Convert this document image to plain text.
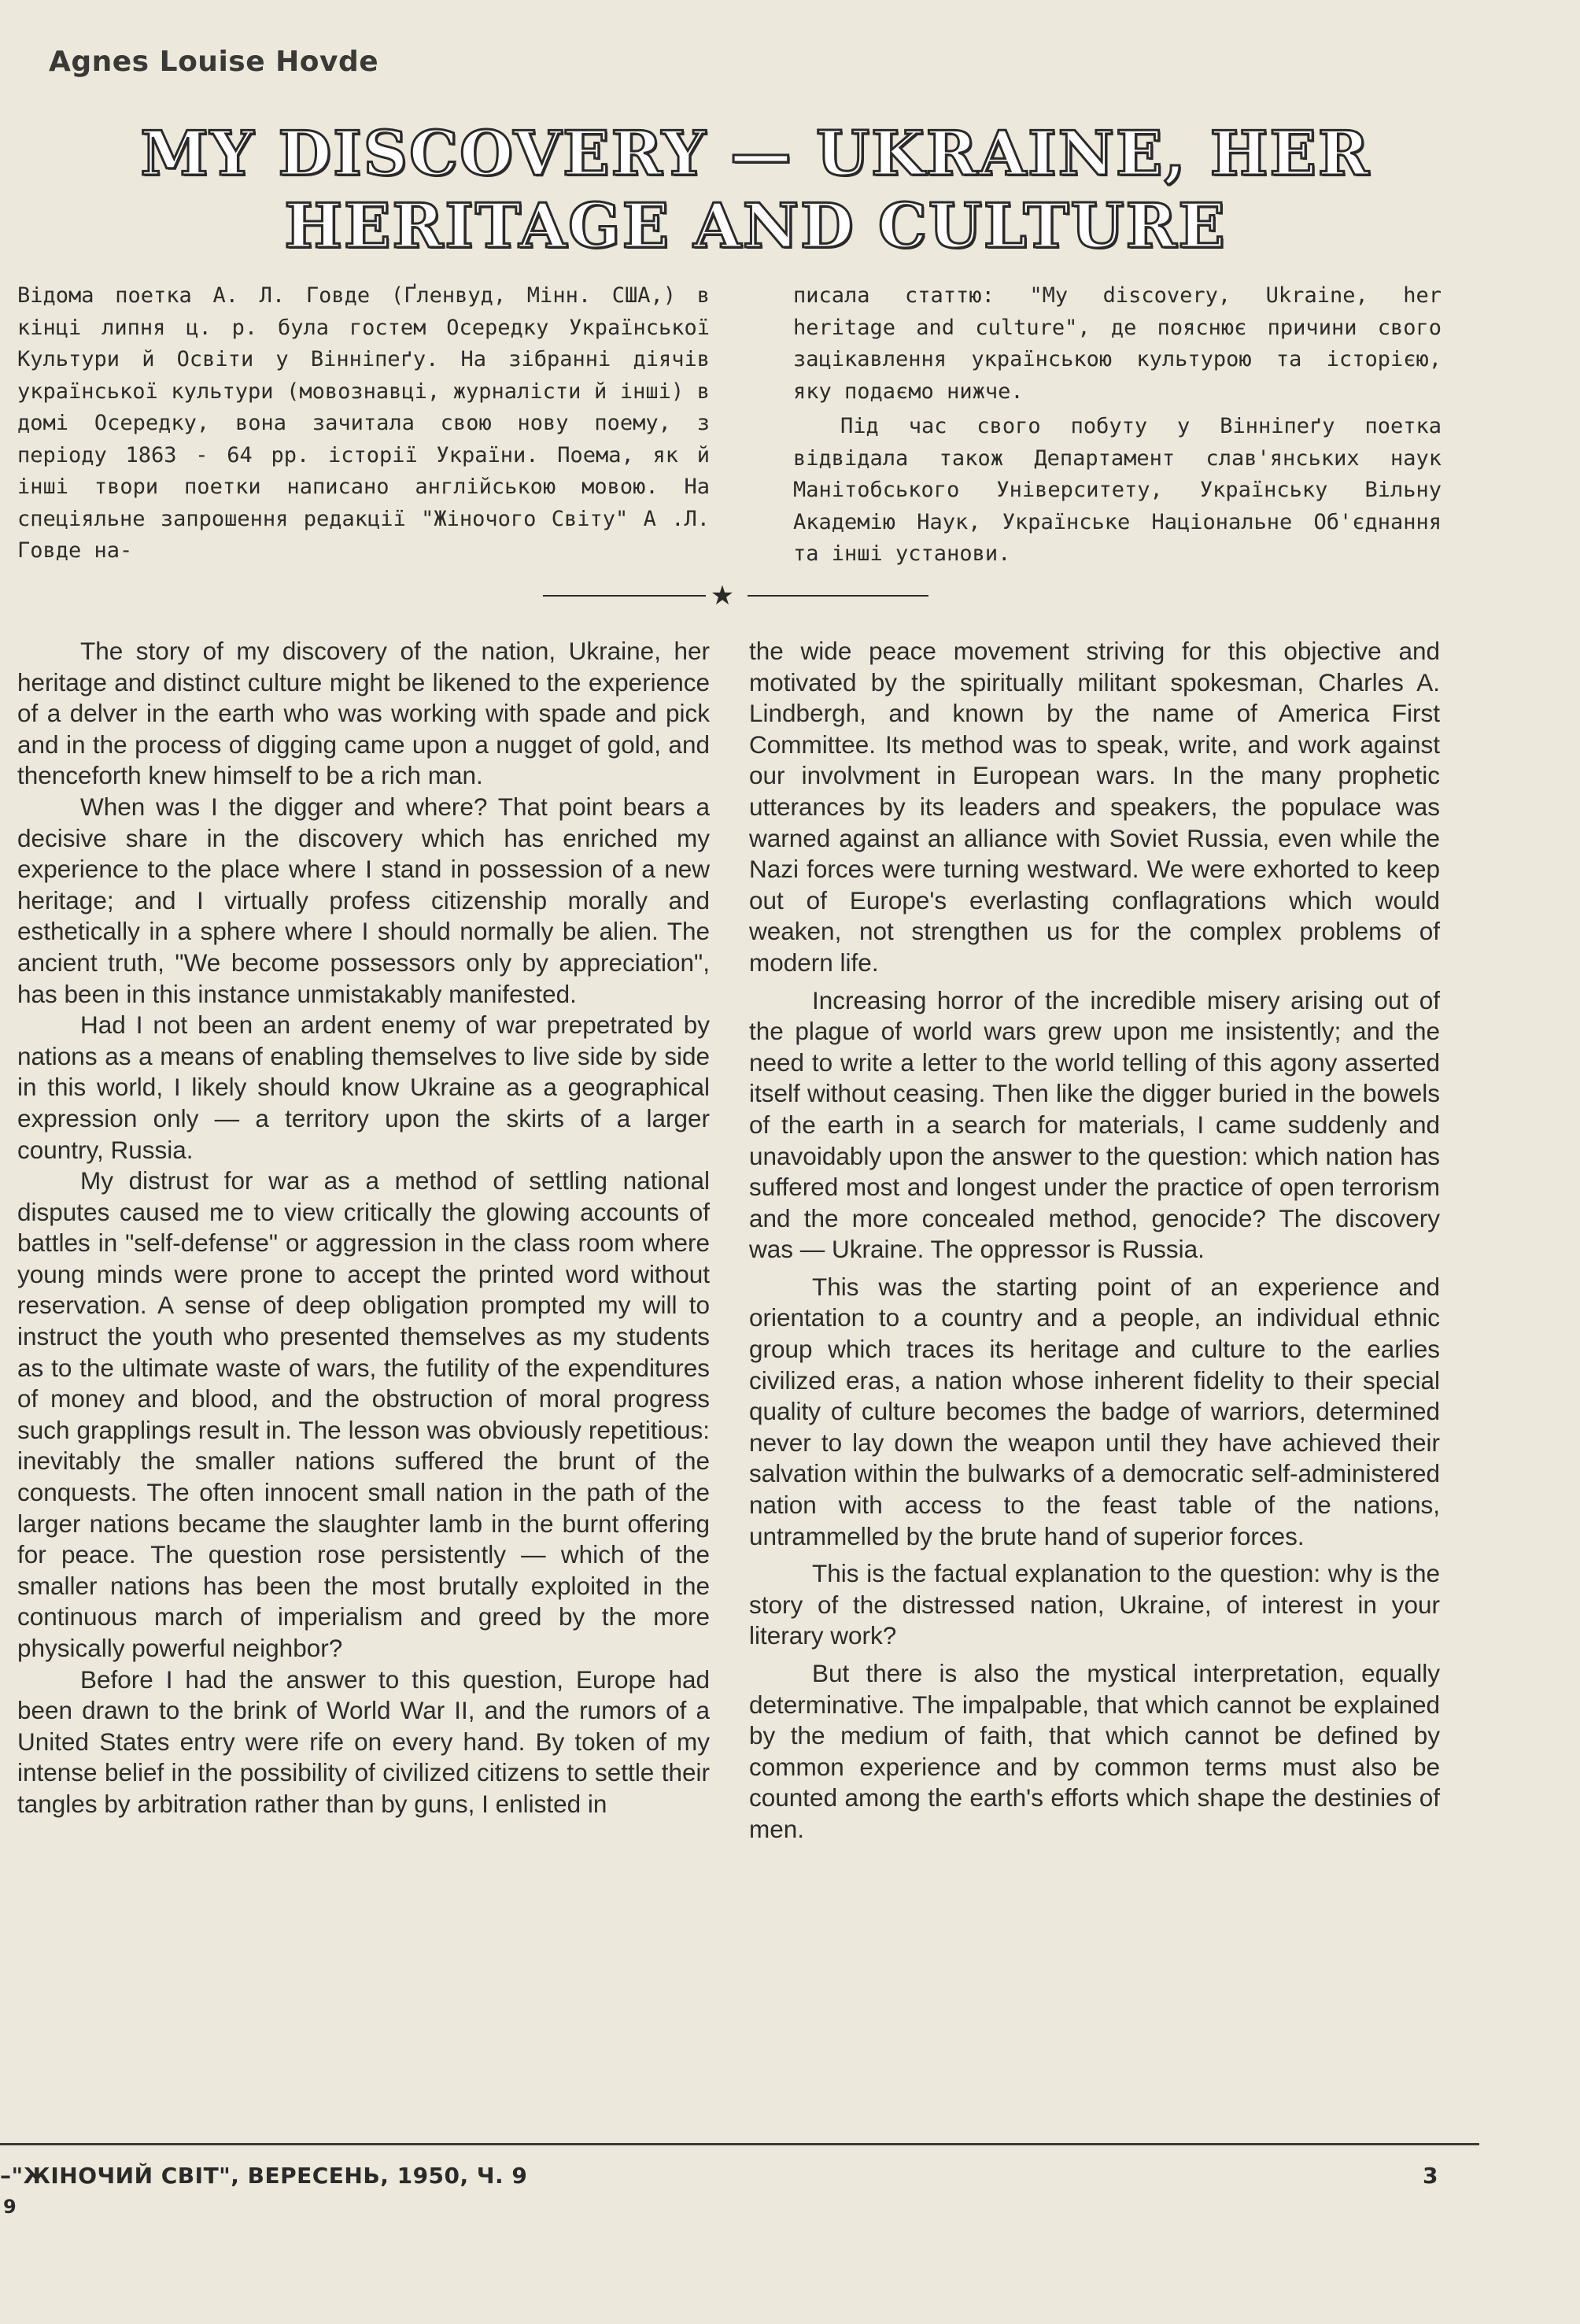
Agnes Louise Hovde
MY DISCOVERY — UKRAINE, HER HERITAGE AND CULTURE

Відома поетка А. Л. Говде (Ґленвуд, Мінн. США,) в кінці липня ц. р. була гостем Осередку Української Культури й Освіти у Вінніпеґу. На зібранні діячів української культури (мовознавці, журналісти й інші) в домі Осередку, вона зачитала свою нову поему, з періоду 1863 - 64 рр. історії України. Поема, як й інші твори поетки написано англійською мовою. На спеціяльне запрошення редакції "Жіночого Світу" А .Л. Говде на-

писала статтю: "My discovery, Ukraine, her heritage and culture", де пояснює причини свого зацікавлення українською культурою та історією, яку подаємо нижче.

Під час свого побуту у Вінніпеґу поетка відвідала також Департамент слав'янських наук Манітобського Університету, Українську Вільну Академію Наук, Українське Національне Об'єднання та інші установи.

★

The story of my discovery of the nation, Ukraine, her heritage and distinct culture might be likened to the experience of a delver in the earth who was working with spade and pick and in the process of digging came upon a nugget of gold, and thenceforth knew himself to be a rich man.

When was I the digger and where? That point bears a decisive share in the discovery which has enriched my experience to the place where I stand in possession of a new heritage; and I virtually profess citizenship morally and esthetically in a sphere where I should normally be alien. The ancient truth, "We become possessors only by appreciation", has been in this instance unmistakably manifested.

Had I not been an ardent enemy of war prepetrated by nations as a means of enabling themselves to live side by side in this world, I likely should know Ukraine as a geographical expression only — a territory upon the skirts of a larger country, Russia.

My distrust for war as a method of settling national disputes caused me to view critically the glowing accounts of battles in "self-defense" or aggression in the class room where young minds were prone to accept the printed word without reservation. A sense of deep obligation prompted my will to instruct the youth who presented themselves as my students as to the ultimate waste of wars, the futility of the expenditures of money and blood, and the obstruction of moral progress such grapplings result in. The lesson was obviously repetitious: inevitably the smaller nations suffered the brunt of the conquests. The often innocent small nation in the path of the larger nations became the slaughter lamb in the burnt offering for peace. The question rose persistently — which of the smaller nations has been the most brutally exploited in the continuous march of imperialism and greed by the more physically powerful neighbor?

Before I had the answer to this question, Europe had been drawn to the brink of World War II, and the rumors of a United States entry were rife on every hand. By token of my intense belief in the possibility of civilized citizens to settle their tangles by arbitration rather than by guns, I enlisted in

the wide peace movement striving for this objective and motivated by the spiritually militant spokesman, Charles A. Lindbergh, and known by the name of America First Committee. Its method was to speak, write, and work against our involvment in European wars. In the many prophetic utterances by its leaders and speakers, the populace was warned against an alliance with Soviet Russia, even while the Nazi forces were turning westward. We were exhorted to keep out of Europe's everlasting conflagrations which would weaken, not strengthen us for the complex problems of modern life.

Increasing horror of the incredible misery arising out of the plague of world wars grew upon me insistently; and the need to write a letter to the world telling of this agony asserted itself without ceasing. Then like the digger buried in the bowels of the earth in a search for materials, I came suddenly and unavoidably upon the answer to the question: which nation has suffered most and longest under the practice of open terrorism and the more concealed method, genocide? The discovery was — Ukraine. The oppressor is Russia.

This was the starting point of an experience and orientation to a country and a people, an individual ethnic group which traces its heritage and culture to the earlies civilized eras, a nation whose inherent fidelity to their special quality of culture becomes the badge of warriors, determined never to lay down the weapon until they have achieved their salvation within the bulwarks of a democratic self-administered nation with access to the feast table of the nations, untrammelled by the brute hand of superior forces.

This is the factual explanation to the question: why is the story of the distressed nation, Ukraine, of interest in your literary work?

But there is also the mystical interpretation, equally determinative. The impalpable, that which cannot be explained by the medium of faith, that which cannot be defined by common experience and by common terms must also be counted among the earth's efforts which shape the destinies of men.

–"ЖІНОЧИЙ СВІТ", ВЕРЕСЕНЬ, 1950, Ч. 9	3
9
